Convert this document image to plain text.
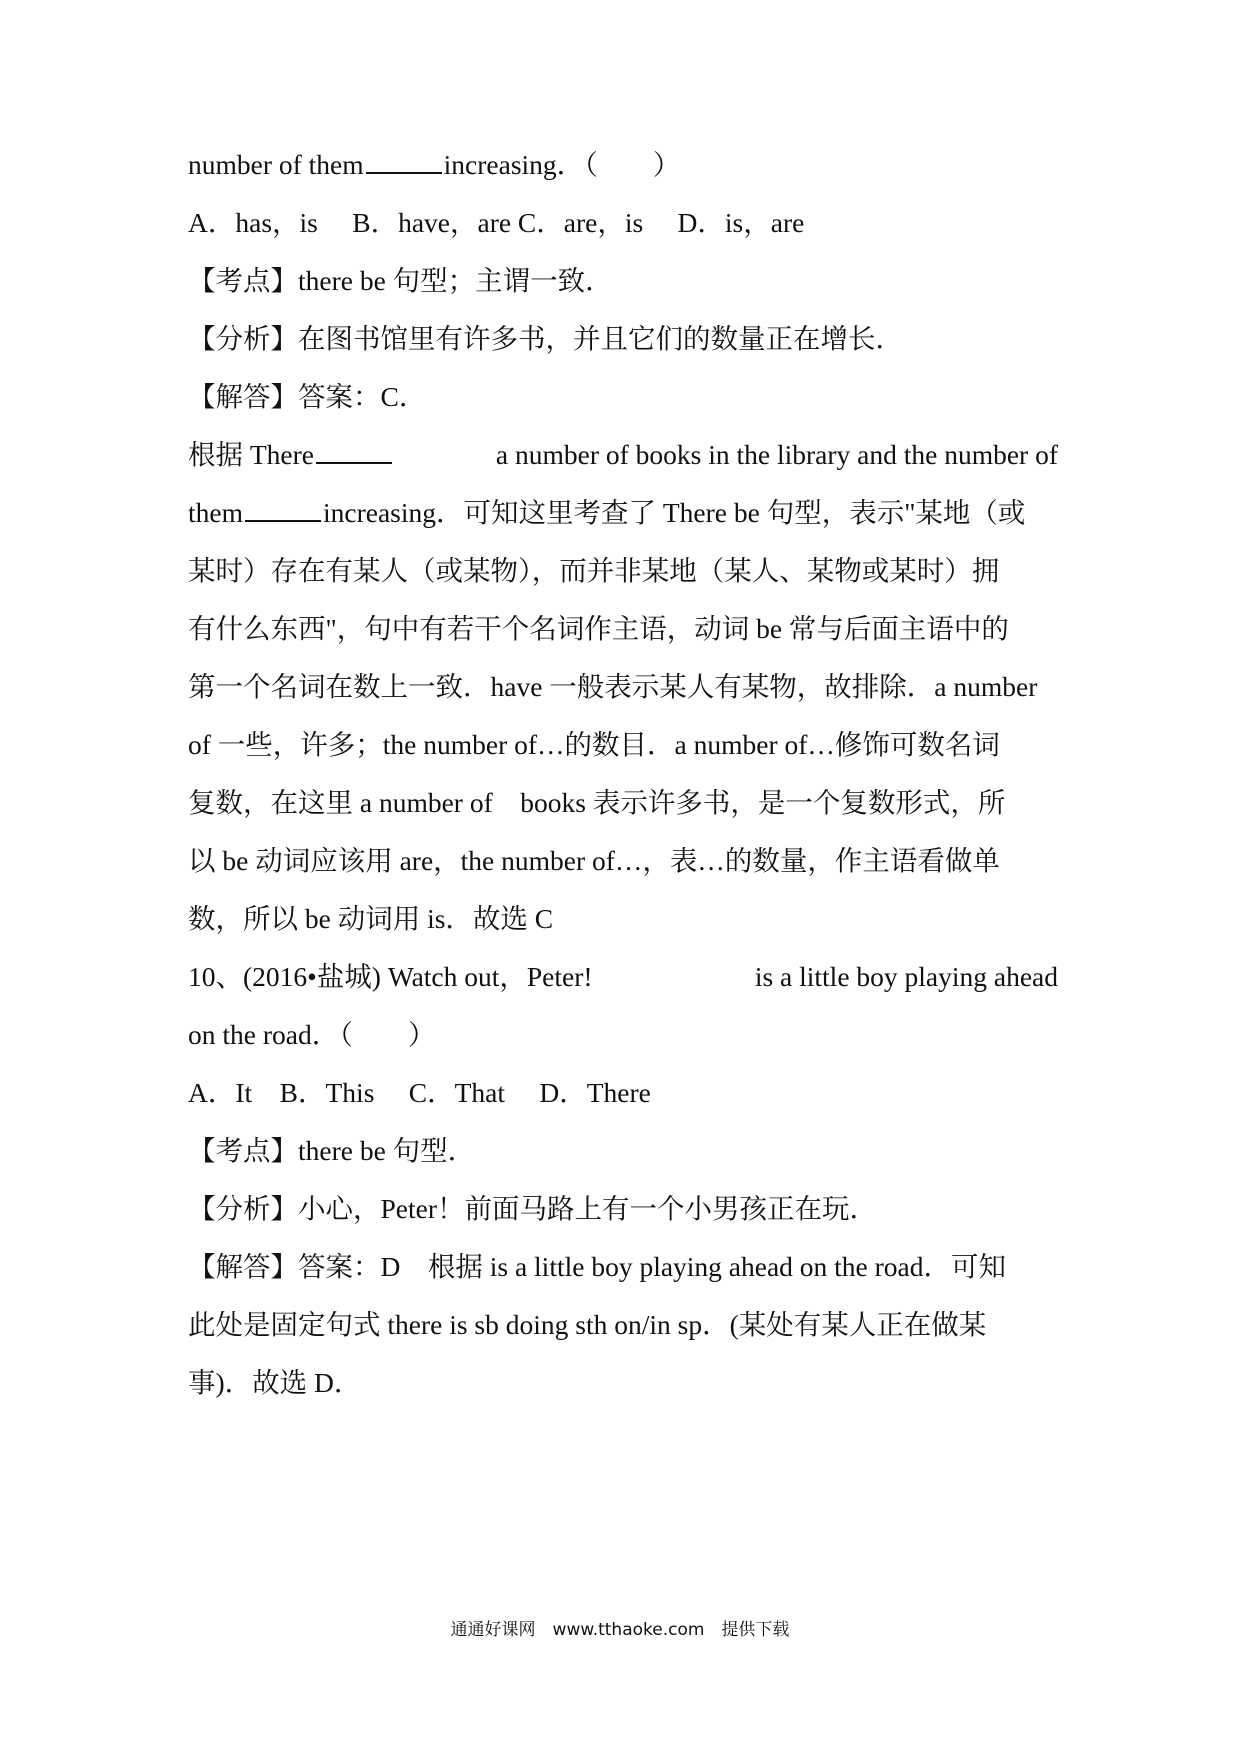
number of them	increasing．（　　）
A．has，is　 B．have，are C．are，is　 D．is，are
【考点】there be 句型；主谓一致．
【分析】在图书馆里有许多书，并且它们的数量正在增长．
【解答】答案：C．
根据 There	a number of books in the library and the number of
them	increasing．可知这里考查了 There be 句型，表示"某地（或
某时）存在有某人（或某物），而并非某地（某人、某物或某时）拥
有什么东西"，句中有若干个名词作主语，动词 be 常与后面主语中的
第一个名词在数上一致．have 一般表示某人有某物，故排除．a number
of 一些，许多；the number of…的数目．a number of…修饰可数名词
复数，在这里 a number of　books 表示许多书，是一个复数形式，所
以 be 动词应该用 are，the number of…，表…的数量，作主语看做单
数，所以 be 动词用 is．故选 C
10、(2016•盐城) Watch out，Peter!	is a little boy playing ahead
on the road．（　　）
A．It　B．This　 C．That　 D．There
【考点】there be 句型．
【分析】小心，Peter！前面马路上有一个小男孩正在玩．
【解答】答案：D　根据 is a little boy playing ahead on the road．可知
此处是固定句式 there is sb doing sth on/in sp．(某处有某人正在做某
事)．故选 D．
通通好课网　www.tthaoke.com　提供下载
